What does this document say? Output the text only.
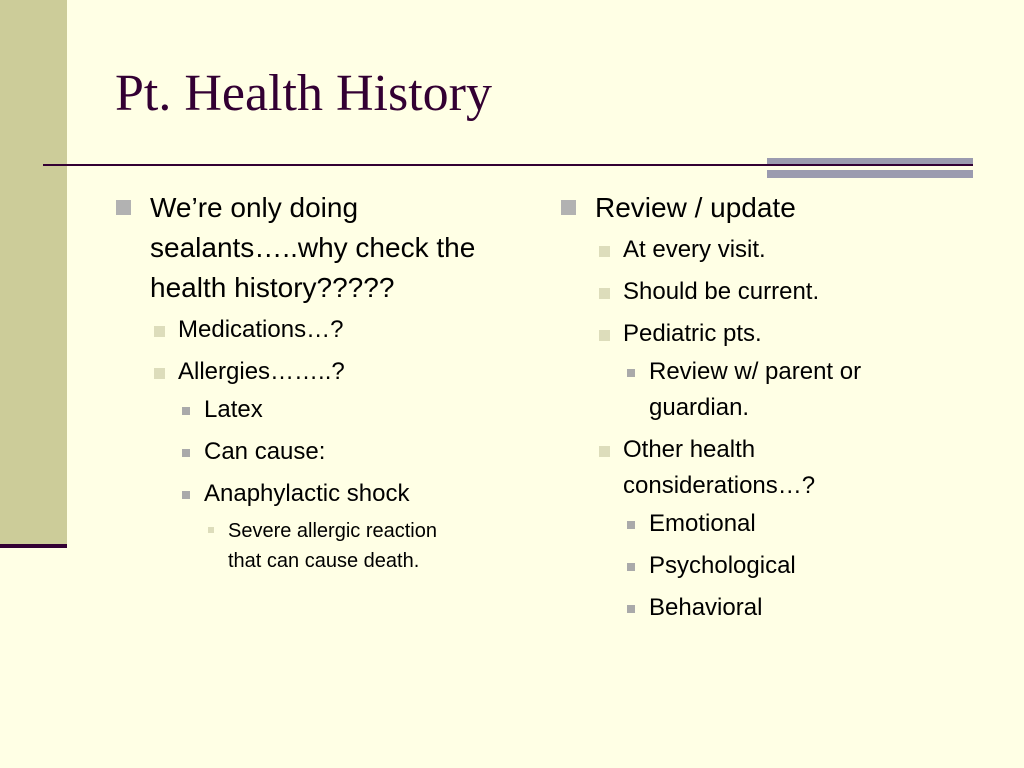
Pt. Health History
We’re only doing sealants…..why check the health history?????
Medications…?
Allergies……..?
Latex
Can cause:
Anaphylactic shock
Severe allergic reaction that can cause death.
Review / update
At every visit.
Should be current.
Pediatric pts.
Review w/ parent or guardian.
Other health considerations…?
Emotional
Psychological
Behavioral
